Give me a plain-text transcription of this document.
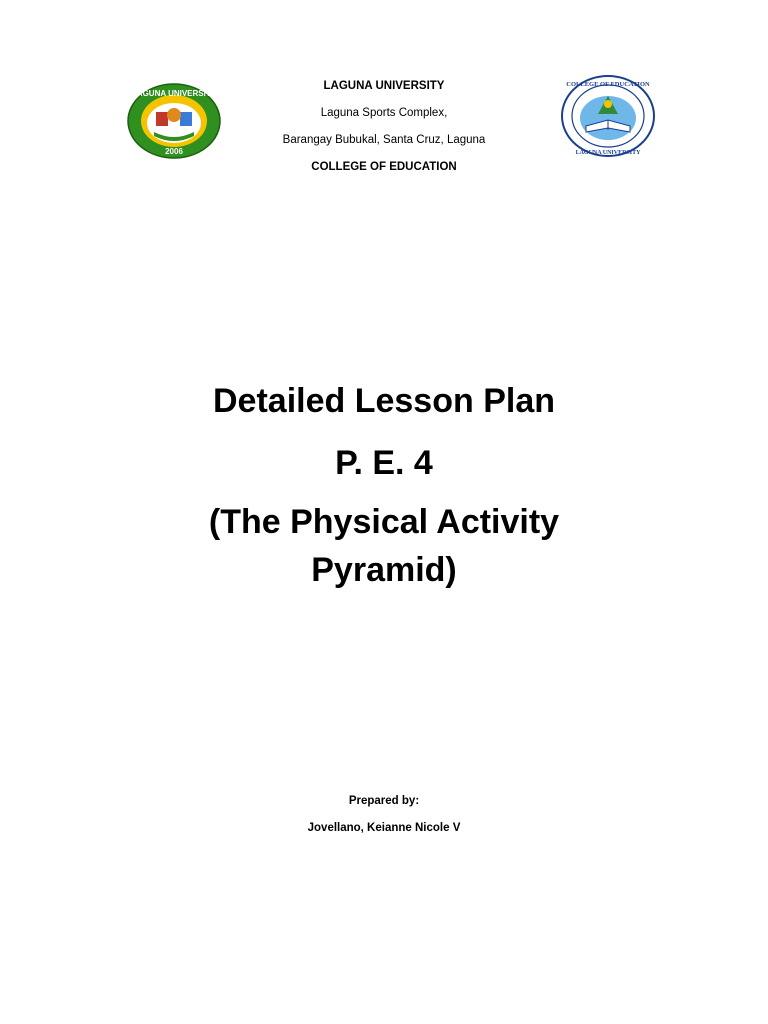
LAGUNA UNIVERSITY
2006
COLLEGE OF EDUCATION
LAGUNA UNIVERSITY
LAGUNA UNIVERSITY
Laguna Sports Complex,
Barangay Bubukal, Santa Cruz, Laguna
COLLEGE OF EDUCATION
Detailed Lesson Plan
P. E. 4
(The Physical Activity
Pyramid)
Prepared by:
Jovellano, Keianne Nicole V
